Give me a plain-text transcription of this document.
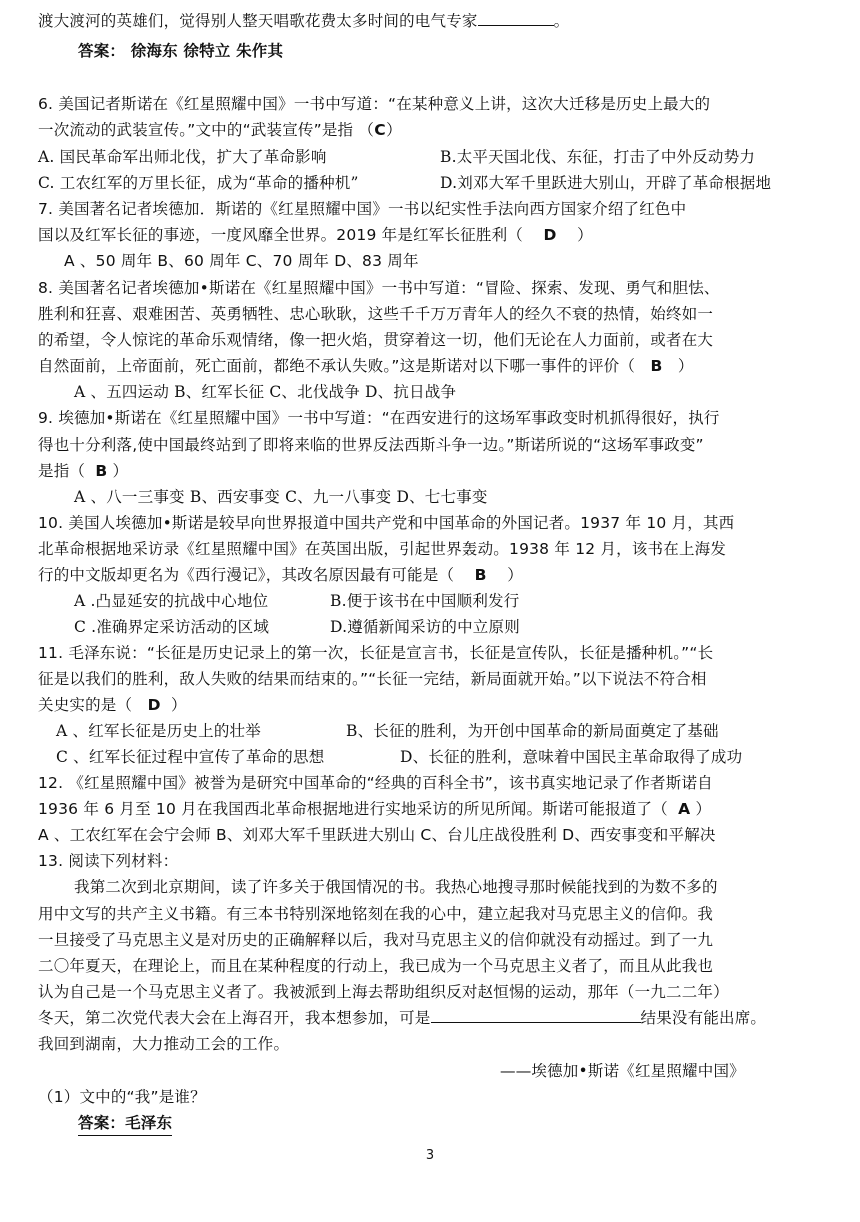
渡大渡河的英雄们，觉得别人整天唱歌花费太多时间的电气专家	。
答案： 徐海东 徐特立 朱作其
6. 美国记者斯诺在《红星照耀中国》一书中写道：“在某种意义上讲，这次大迁移是历史上最大的
一次流动的武装宣传。”文中的“武装宣传”是指 （C）
A. 国民革命军出师北伐，扩大了革命影响	B.太平天国北伐、东征，打击了中外反动势力
C. 工农红军的万里长征，成为“革命的播种机”	D.刘邓大军千里跃进大别山，开辟了革命根据地
7. 美国著名记者埃德加．斯诺的《红星照耀中国》一书以纪实性手法向西方国家介绍了红色中
国以及红军长征的事迹，一度风靡全世界。2019 年是红军长征胜利（ D ）
A 、50 周年 B、60 周年 C、70 周年 D、83 周年
8. 美国著名记者埃德加•斯诺在《红星照耀中国》一书中写道：“冒险、探索、发现、勇气和胆怯、
胜利和狂喜、艰难困苦、英勇牺牲、忠心耿耿，这些千千万万青年人的经久不衰的热情，始终如一
的希望，令人惊诧的革命乐观情绪，像一把火焰，贯穿着这一切，他们无论在人力面前，或者在大
自然面前，上帝面前，死亡面前，都绝不承认失败。”这是斯诺对以下哪一事件的评价（ B ）
A 、五四运动 B、红军长征 C、北伐战争 D、抗日战争
9. 埃德加•斯诺在《红星照耀中国》一书中写道：“在西安进行的这场军事政变时机抓得很好，执行
得也十分利落,使中国最终站到了即将来临的世界反法西斯斗争一边。”斯诺所说的“这场军事政变”
是指（ B ）
A 、八一三事变 B、西安事变 C、九一八事变 D、七七事变
10. 美国人埃德加•斯诺是较早向世界报道中国共产党和中国革命的外国记者。1937 年 10 月，其西
北革命根据地采访录《红星照耀中国》在英国出版，引起世界轰动。1938 年 12 月，该书在上海发
行的中文版却更名为《西行漫记》，其改名原因最有可能是（ B ）
A .凸显延安的抗战中心地位	B.便于该书在中国顺利发行
C .准确界定采访活动的区域	D.遵循新闻采访的中立原则
11. 毛泽东说：“长征是历史记录上的第一次，长征是宣言书，长征是宣传队，长征是播种机。”“长
征是以我们的胜利，敌人失败的结果而结束的。”“长征一完结，新局面就开始。”以下说法不符合相
关史实的是（ D ）
A 、红军长征是历史上的壮举	B、长征的胜利，为开创中国革命的新局面奠定了基础
C 、红军长征过程中宣传了革命的思想	D、长征的胜利，意味着中国民主革命取得了成功
12. 《红星照耀中国》被誉为是研究中国革命的“经典的百科全书”，该书真实地记录了作者斯诺自
1936 年 6 月至 10 月在我国西北革命根据地进行实地采访的所见所闻。斯诺可能报道了（ A ）
A 、工农红军在会宁会师 B、刘邓大军千里跃进大别山 C、台儿庄战役胜利 D、西安事变和平解决
13. 阅读下列材料：
我第二次到北京期间，读了许多关于俄国情况的书。我热心地搜寻那时候能找到的为数不多的
用中文写的共产主义书籍。有三本书特别深地铭刻在我的心中，建立起我对马克思主义的信仰。我
一旦接受了马克思主义是对历史的正确解释以后，我对马克思主义的信仰就没有动摇过。到了一九
二〇年夏天，在理论上，而且在某种程度的行动上，我已成为一个马克思主义者了，而且从此我也
认为自己是一个马克思主义者了。我被派到上海去帮助组织反对赵恒惕的运动，那年（一九二二年）
冬天，第二次党代表大会在上海召开，我本想参加，可是	结果没有能出席。
我回到湖南，大力推动工会的工作。
——埃德加•斯诺《红星照耀中国》
（1）文中的“我”是谁？
答案：毛泽东
3
